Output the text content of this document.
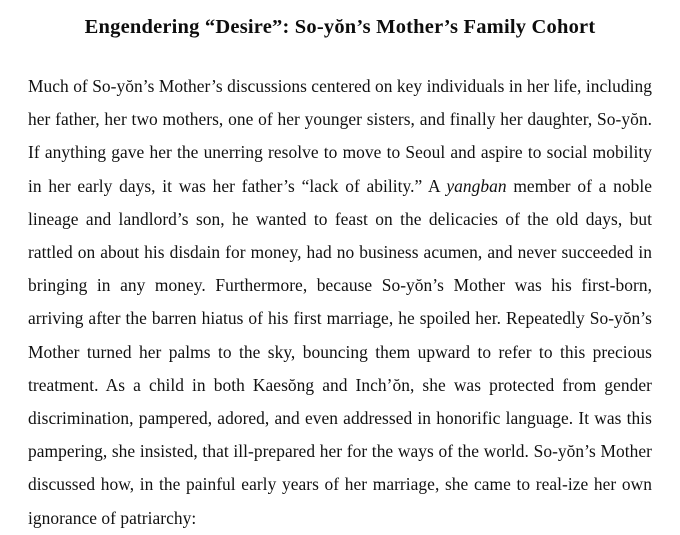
Engendering “Desire”: So-yŏn’s Mother’s Family Cohort

Much of So-yŏn’s Mother’s discussions centered on key individuals in her life, including her father, her two mothers, one of her younger sisters, and finally her daughter, So-yŏn. If anything gave her the unerring resolve to move to Seoul and aspire to social mobility in her early days, it was her father’s “lack of ability.” A yangban member of a noble lineage and landlord’s son, he wanted to feast on the delicacies of the old days, but rattled on about his disdain for money, had no business acumen, and never succeeded in bringing in any money. Furthermore, because So-yŏn’s Mother was his first-born, arriving after the barren hiatus of his first marriage, he spoiled her. Repeatedly So-yŏn’s Mother turned her palms to the sky, bouncing them upward to refer to this precious treatment. As a child in both Kaesŏng and Inch’ŏn, she was protected from gender discrimination, pampered, adored, and even addressed in honorific language. It was this pampering, she insisted, that ill-prepared her for the ways of the world. So-yŏn’s Mother discussed how, in the painful early years of her marriage, she came to real-ize her own ignorance of patriarchy:
